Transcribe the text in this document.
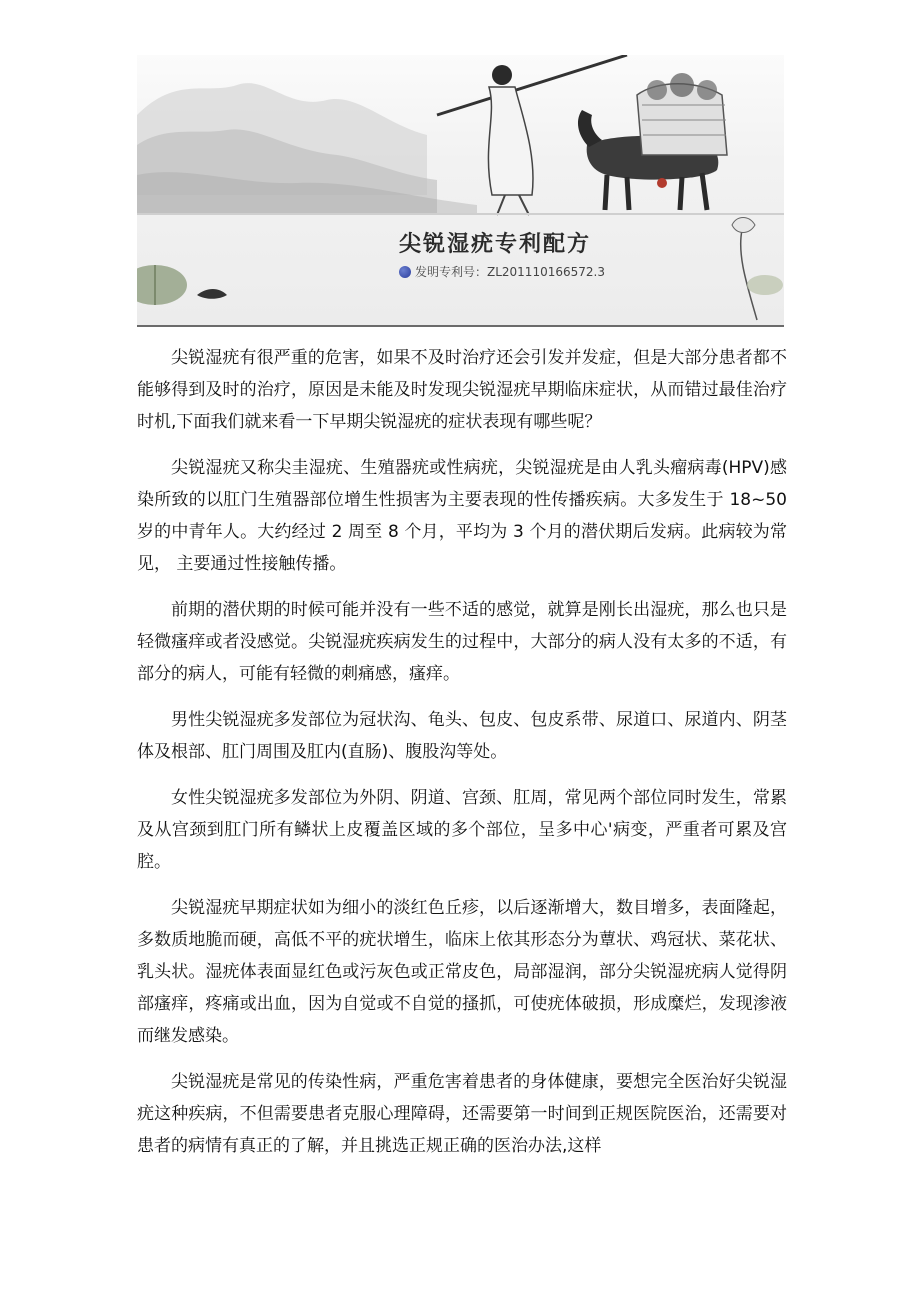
尖锐湿疣专利配方
发明专利号：ZL201110166572.3

尖锐湿疣有很严重的危害，如果不及时治疗还会引发并发症，但是大部分患者都不能够得到及时的治疗，原因是未能及时发现尖锐湿疣早期临床症状，从而错过最佳治疗时机,下面我们就来看一下早期尖锐湿疣的症状表现有哪些呢？

尖锐湿疣又称尖圭湿疣、生殖器疣或性病疣，尖锐湿疣是由人乳头瘤病毒(HPV)感染所致的以肛门生殖器部位增生性损害为主要表现的性传播疾病。大多发生于 18~50 岁的中青年人。大约经过 2 周至 8 个月，平均为 3 个月的潜伏期后发病。此病较为常见， 主要通过性接触传播。

前期的潜伏期的时候可能并没有一些不适的感觉，就算是刚长出湿疣，那么也只是轻微瘙痒或者没感觉。尖锐湿疣疾病发生的过程中，大部分的病人没有太多的不适，有部分的病人，可能有轻微的刺痛感，瘙痒。

男性尖锐湿疣多发部位为冠状沟、龟头、包皮、包皮系带、尿道口、尿道内、阴茎体及根部、肛门周围及肛内(直肠)、腹股沟等处。

女性尖锐湿疣多发部位为外阴、阴道、宫颈、肛周，常见两个部位同时发生，常累及从宫颈到肛门所有鳞状上皮覆盖区域的多个部位，呈多中心'病变，严重者可累及宫腔。

尖锐湿疣早期症状如为细小的淡红色丘疹，以后逐渐增大，数目增多，表面隆起，多数质地脆而硬，高低不平的疣状增生，临床上依其形态分为蕈状、鸡冠状、菜花状、乳头状。湿疣体表面显红色或污灰色或正常皮色，局部湿润，部分尖锐湿疣病人觉得阴部瘙痒，疼痛或出血，因为自觉或不自觉的搔抓，可使疣体破损，形成糜烂，发现渗液而继发感染。

尖锐湿疣是常见的传染性病，严重危害着患者的身体健康，要想完全医治好尖锐湿疣这种疾病，不但需要患者克服心理障碍，还需要第一时间到正规医院医治，还需要对患者的病情有真正的了解，并且挑选正规正确的医治办法,这样
